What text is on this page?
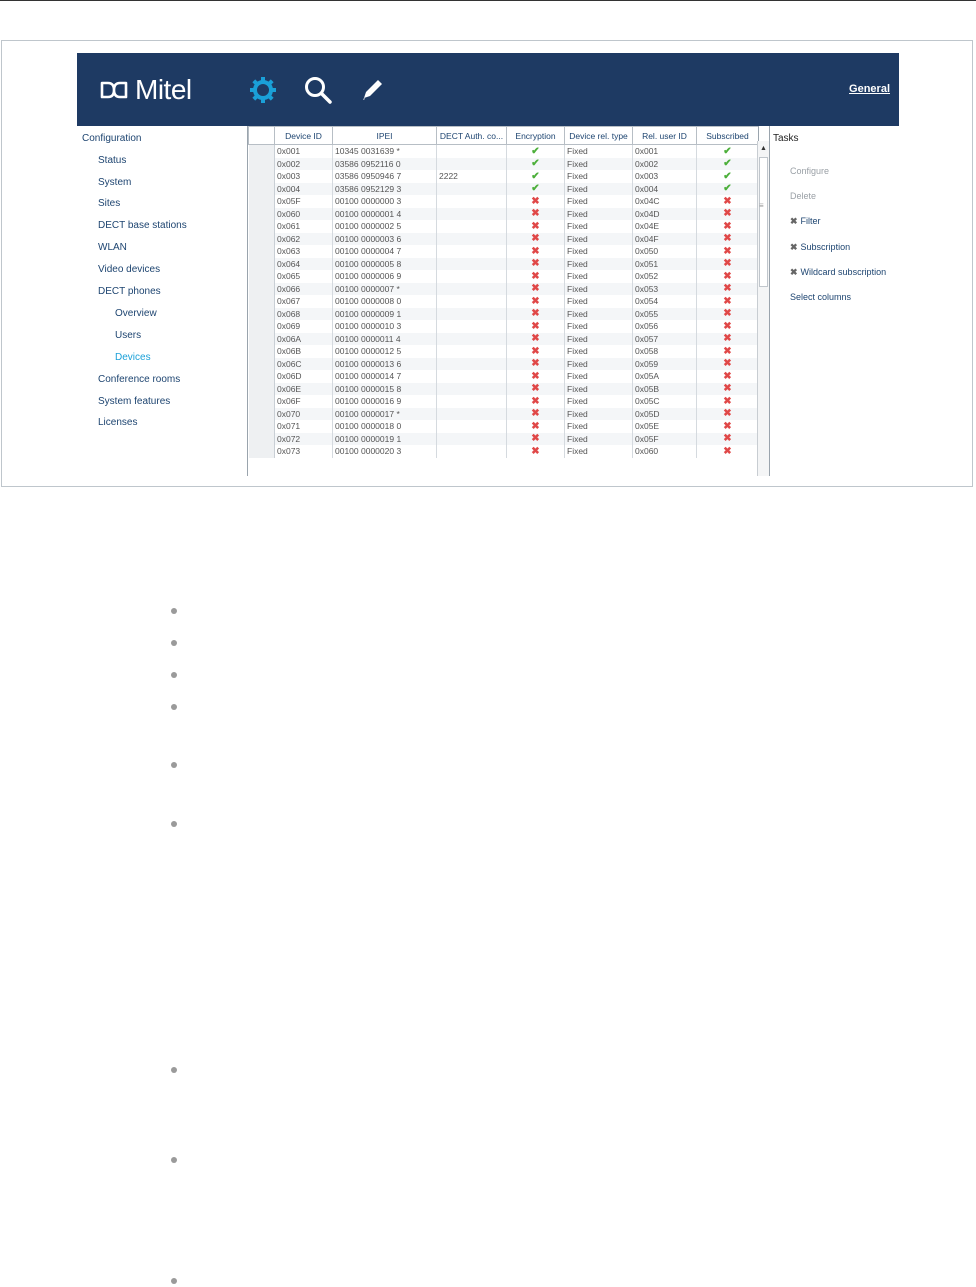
Mitel	General
Configuration
Status
System
Sites
DECT base stations
WLAN
Video devices
DECT phones
Overview
Users
Devices
Conference rooms
System features
Licenses
	Device ID	IPEI	DECT Auth. co...	Encryption	Device rel. type	Rel. user ID	Subscribed
	0x001	10345 0031639 *		✔	Fixed	0x001	✔
	0x002	03586 0952116 0		✔	Fixed	0x002	✔
	0x003	03586 0950946 7	2222	✔	Fixed	0x003	✔
	0x004	03586 0952129 3		✔	Fixed	0x004	✔
	0x05F	00100 0000000 3		✖	Fixed	0x04C	✖
	0x060	00100 0000001 4		✖	Fixed	0x04D	✖
	0x061	00100 0000002 5		✖	Fixed	0x04E	✖
	0x062	00100 0000003 6		✖	Fixed	0x04F	✖
	0x063	00100 0000004 7		✖	Fixed	0x050	✖
	0x064	00100 0000005 8		✖	Fixed	0x051	✖
	0x065	00100 0000006 9		✖	Fixed	0x052	✖
	0x066	00100 0000007 *		✖	Fixed	0x053	✖
	0x067	00100 0000008 0		✖	Fixed	0x054	✖
	0x068	00100 0000009 1		✖	Fixed	0x055	✖
	0x069	00100 0000010 3		✖	Fixed	0x056	✖
	0x06A	00100 0000011 4		✖	Fixed	0x057	✖
	0x06B	00100 0000012 5		✖	Fixed	0x058	✖
	0x06C	00100 0000013 6		✖	Fixed	0x059	✖
	0x06D	00100 0000014 7		✖	Fixed	0x05A	✖
	0x06E	00100 0000015 8		✖	Fixed	0x05B	✖
	0x06F	00100 0000016 9		✖	Fixed	0x05C	✖
	0x070	00100 0000017 *		✖	Fixed	0x05D	✖
	0x071	00100 0000018 0		✖	Fixed	0x05E	✖
	0x072	00100 0000019 1		✖	Fixed	0x05F	✖
	0x073	00100 0000020 3		✖	Fixed	0x060	✖
▲
≡
Tasks
Configure
Delete
✖ Filter
✖ Subscription
✖ Wildcard subscription
Select columns
